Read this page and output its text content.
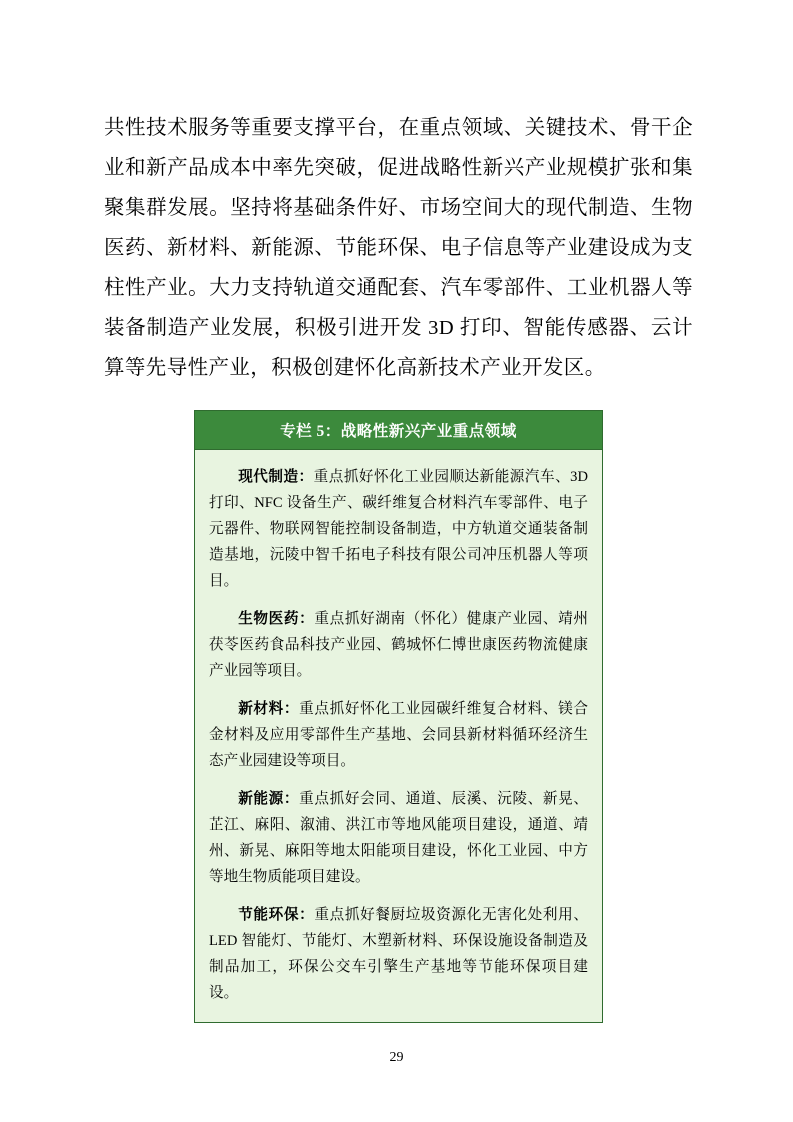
共性技术服务等重要支撑平台，在重点领域、关键技术、骨干企业和新产品成本中率先突破，促进战略性新兴产业规模扩张和集聚集群发展。坚持将基础条件好、市场空间大的现代制造、生物医药、新材料、新能源、节能环保、电子信息等产业建设成为支柱性产业。大力支持轨道交通配套、汽车零部件、工业机器人等装备制造产业发展，积极引进开发 3D 打印、智能传感器、云计算等先导性产业，积极创建怀化高新技术产业开发区。

专栏 5：战略性新兴产业重点领域

现代制造：重点抓好怀化工业园顺达新能源汽车、3D 打印、NFC 设备生产、碳纤维复合材料汽车零部件、电子元器件、物联网智能控制设备制造，中方轨道交通装备制造基地，沅陵中智千拓电子科技有限公司冲压机器人等项目。

生物医药：重点抓好湖南（怀化）健康产业园、靖州茯苓医药食品科技产业园、鹤城怀仁博世康医药物流健康产业园等项目。

新材料：重点抓好怀化工业园碳纤维复合材料、镁合金材料及应用零部件生产基地、会同县新材料循环经济生态产业园建设等项目。

新能源：重点抓好会同、通道、辰溪、沅陵、新晃、芷江、麻阳、溆浦、洪江市等地风能项目建设，通道、靖州、新晃、麻阳等地太阳能项目建设，怀化工业园、中方等地生物质能项目建设。

节能环保：重点抓好餐厨垃圾资源化无害化处利用、LED 智能灯、节能灯、木塑新材料、环保设施设备制造及制品加工，环保公交车引擎生产基地等节能环保项目建设。

29
